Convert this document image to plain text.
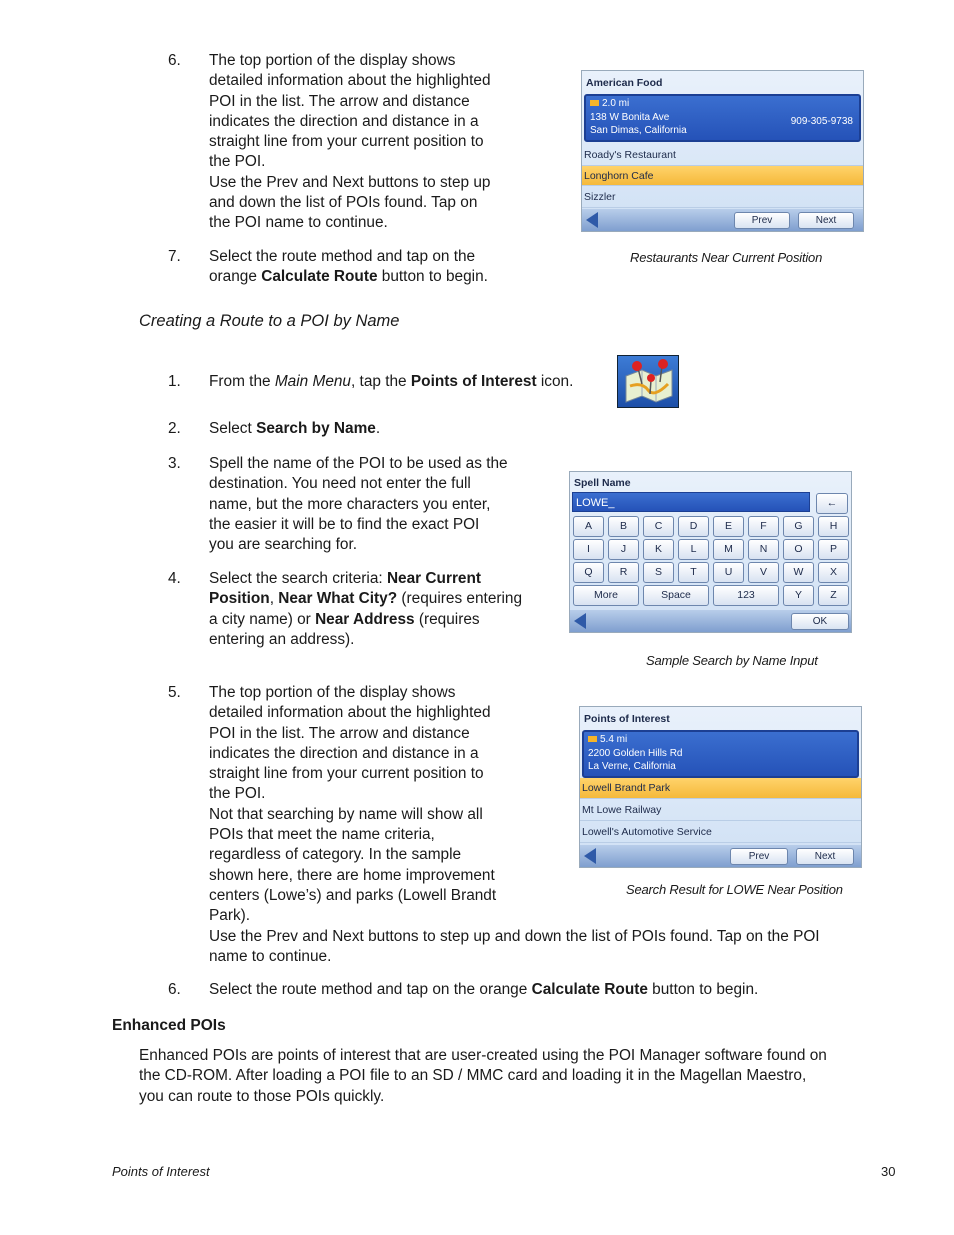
6. The top portion of the display shows
detailed information about the highlighted
POI in the list. The arrow and distance
indicates the direction and distance in a
straight line from your current position to
the POI.
Use the Prev and Next buttons to step up
and down the list of POIs found. Tap on
the POI name to continue.
7. Select the route method and tap on the
orange Calculate Route button to begin.
American Food
2.0 mi
138 W Bonita Ave
San Dimas, California
909-305-9738
Roady's Restaurant
Longhorn Cafe
Sizzler
Prev	Next
Restaurants Near Current Position
Creating a Route to a POI by Name
1. From the Main Menu, tap the Points of Interest icon.
2. Select Search by Name.
3. Spell the name of the POI to be used as the
destination. You need not enter the full
name, but the more characters you enter,
the easier it will be to find the exact POI
you are searching for.
4. Select the search criteria: Near Current
Position, Near What City? (requires entering
a city name) or Near Address (requires
entering an address).
Spell Name
LOWE_	←
A	B	C	D	E	F	G	H
I	J	K	L	M	N	O	P
Q	R	S	T	U	V	W	X
More	Space	123	Y	Z
OK
Sample Search by Name Input
5. The top portion of the display shows
detailed information about the highlighted
POI in the list. The arrow and distance
indicates the direction and distance in a
straight line from your current position to
the POI.
Not that searching by name will show all
POIs that meet the name criteria,
regardless of category. In the sample
shown here, there are home improvement
centers (Lowe’s) and parks (Lowell Brandt
Park).
Use the Prev and Next buttons to step up and down the list of POIs found. Tap on the POI
name to continue.
Points of Interest
5.4 mi
2200 Golden Hills Rd
La Verne, California
Lowell Brandt Park
Mt Lowe Railway
Lowell's Automotive Service
Prev	Next
Search Result for LOWE Near Position
6. Select the route method and tap on the orange Calculate Route button to begin.
Enhanced POIs
Enhanced POIs are points of interest that are user-created using the POI Manager software found on
the CD-ROM. After loading a POI file to an SD / MMC card and loading it in the Magellan Maestro,
you can route to those POIs quickly.
Points of Interest	30
